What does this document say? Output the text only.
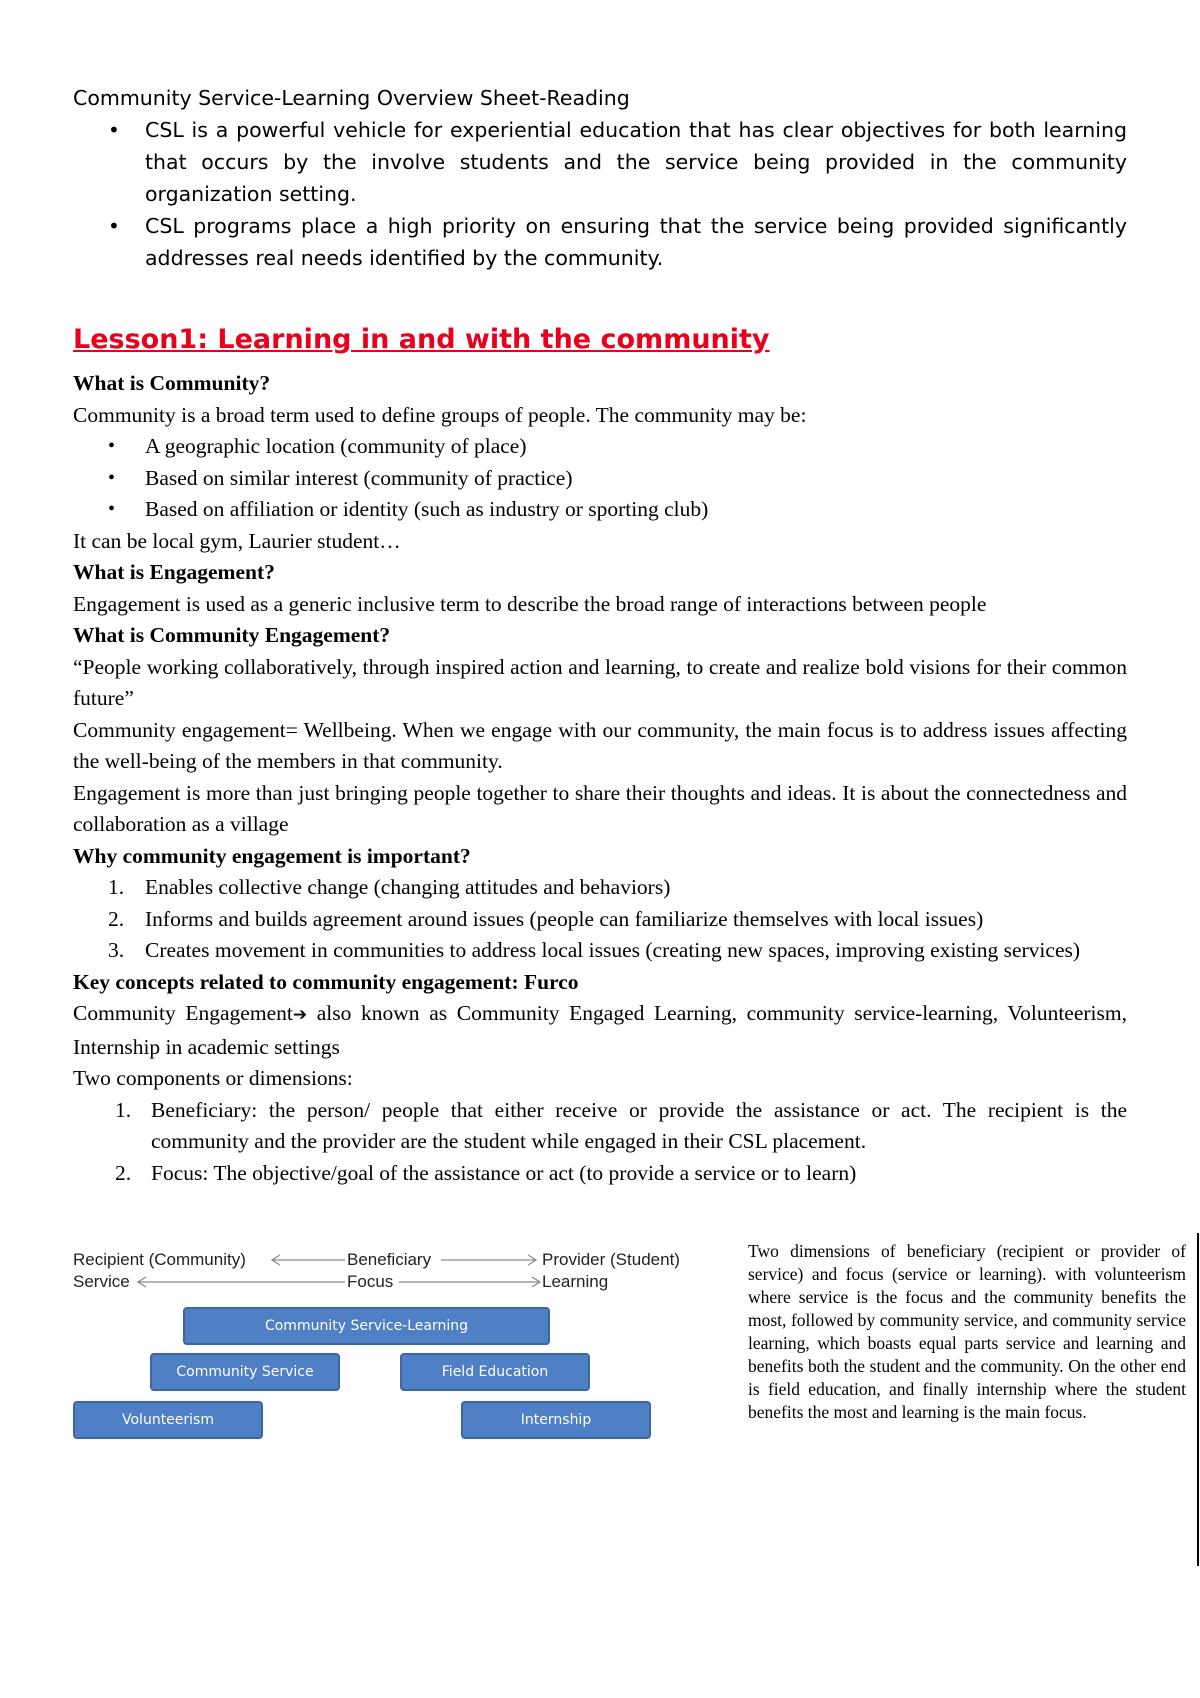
Community Service-Learning Overview Sheet-Reading
• CSL is a powerful vehicle for experiential education that has clear objectives for both learning that occurs by the involve students and the service being provided in the community organization setting.
• CSL programs place a high priority on ensuring that the service being provided significantly addresses real needs identified by the community.
Lesson1: Learning in and with the community
What is Community?
Community is a broad term used to define groups of people. The community may be:
• A geographic location (community of place)
• Based on similar interest (community of practice)
• Based on affiliation or identity (such as industry or sporting club)
It can be local gym, Laurier student…
What is Engagement?
Engagement is used as a generic inclusive term to describe the broad range of interactions between people
What is Community Engagement?
“People working collaboratively, through inspired action and learning, to create and realize bold visions for their common future”
Community engagement= Wellbeing. When we engage with our community, the main focus is to address issues affecting the well-being of the members in that community.
Engagement is more than just bringing people together to share their thoughts and ideas. It is about the connectedness and collaboration as a village
Why community engagement is important?
1. Enables collective change (changing attitudes and behaviors)
2. Informs and builds agreement around issues (people can familiarize themselves with local issues)
3. Creates movement in communities to address local issues (creating new spaces, improving existing services)
Key concepts related to community engagement: Furco
Community Engagement➔ also known as Community Engaged Learning, community service-learning, Volunteerism, Internship in academic settings
Two components or dimensions:
1. Beneficiary: the person/ people that either receive or provide the assistance or act. The recipient is the community and the provider are the student while engaged in their CSL placement.
2. Focus: The objective/goal of the assistance or act (to provide a service or to learn)
Recipient (Community)	Beneficiary	Provider (Student)
Service	Focus	Learning
Community Service-Learning
Community Service	Field Education
Volunteerism	Internship
Two dimensions of beneficiary (recipient or provider of service) and focus (service or learning). with volunteerism where service is the focus and the community benefits the most, followed by community service, and community service learning, which boasts equal parts service and learning and benefits both the student and the community. On the other end is field education, and finally internship where the student benefits the most and learning is the main focus.
